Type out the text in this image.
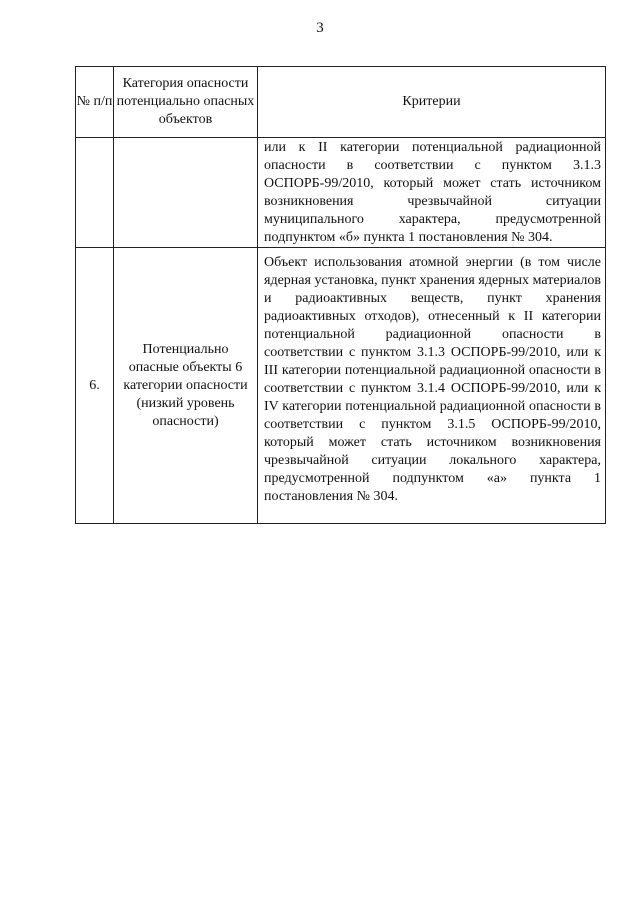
3
№ п/п	Категория опасности потенциально опасных объектов	Критерии
		или к II категории потенциальной радиационной опасности в соответствии с пунктом 3.1.3 ОСПОРБ-99/2010, который может стать источником возникновения чрезвычайной ситуации муниципального характера, предусмотренной подпунктом «б» пункта 1 постановления № 304.
6.	Потенциально опасные объекты 6 категории опасности (низкий уровень опасности)	Объект использования атомной энергии (в том числе ядерная установка, пункт хранения ядерных материалов и радиоактивных веществ, пункт хранения радиоактивных отходов), отнесенный к II категории потенциальной радиационной опасности в соответствии с пунктом 3.1.3 ОСПОРБ-99/2010, или к III категории потенциальной радиационной опасности в соответствии с пунктом 3.1.4 ОСПОРБ-99/2010, или к IV категории потенциальной радиационной опасности в соответствии с пунктом 3.1.5 ОСПОРБ-99/2010, который может стать источником возникновения чрезвычайной ситуации локального характера, предусмотренной подпунктом «а» пункта 1 постановления № 304.
